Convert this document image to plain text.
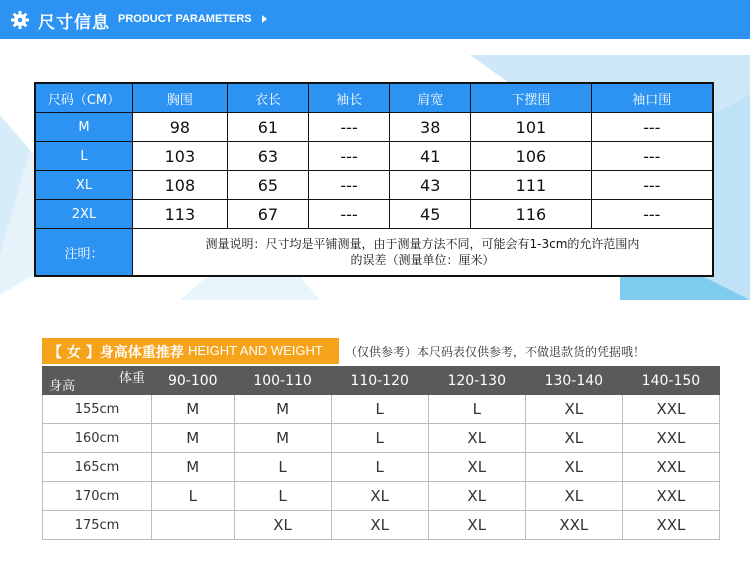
尺寸信息 PRODUCT PARAMETERS
尺码（CM）	胸围	衣长	袖长	肩宽	下摆围	袖口围
M	98	61	---	38	101	---
L	103	63	---	41	106	---
XL	108	65	---	43	111	---
2XL	113	67	---	45	116	---
注明：	测量说明：尺寸均是平铺测量，由于测量方法不同，可能会有1-3cm的允许范围内
的误差（测量单位：厘米）					
【 女 】身高体重推荐 HEIGHT AND WEIGHT （仅供参考）本尺码表仅供参考，不做退款货的凭据哦！
体重
身高	90-100	100-110	110-120	120-130	130-140	140-150
155cm	M	M	L	L	XL	XXL
160cm	M	M	L	XL	XL	XXL
165cm	M	L	L	XL	XL	XXL
170cm	L	L	XL	XL	XL	XXL
175cm		XL	XL	XL	XXL	XXL
